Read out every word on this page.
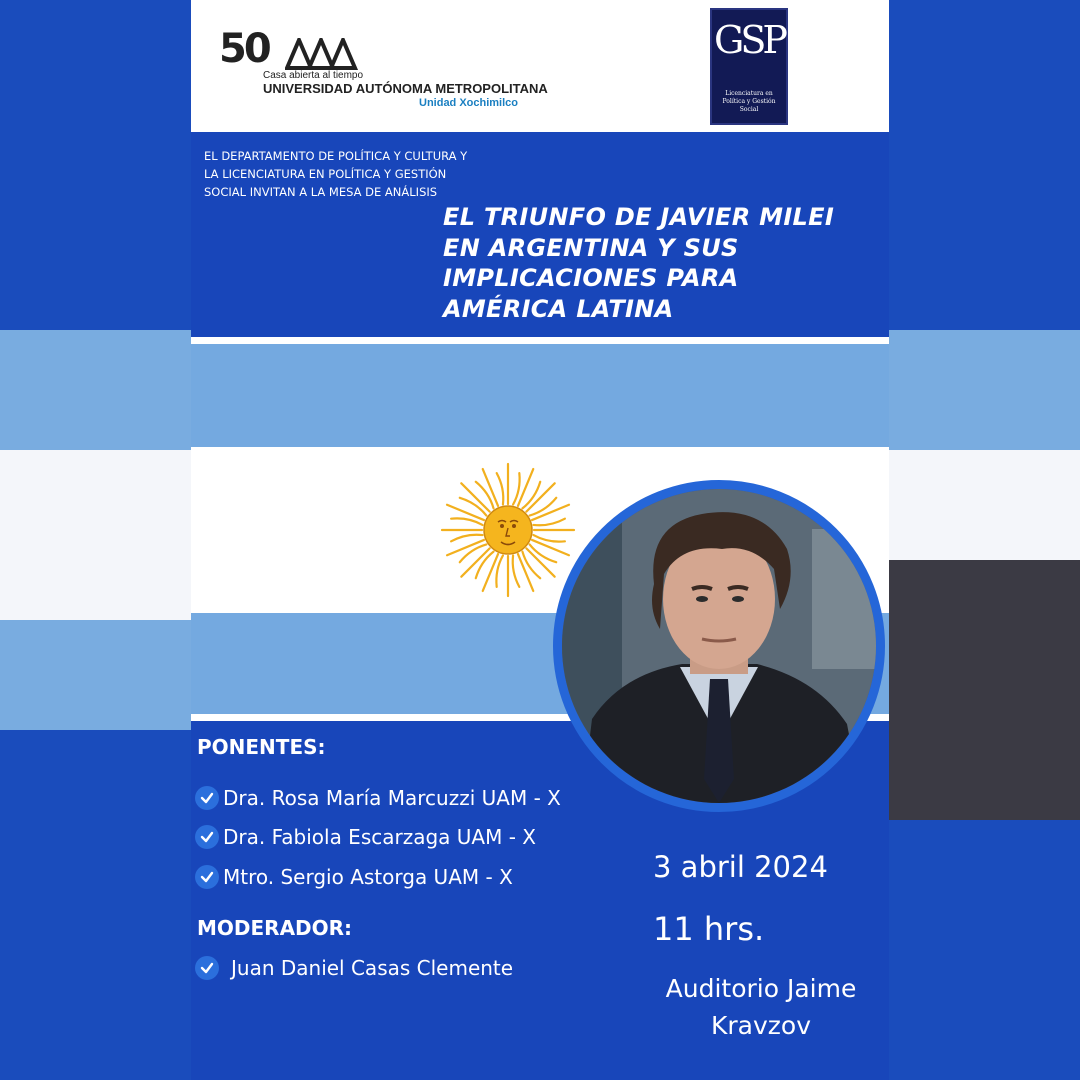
50
Casa abierta al tiempo
UNIVERSIDAD AUTÓNOMA METROPOLITANA
Unidad Xochimilco
GSP
Licenciatura en
Política y Gestión Social
EL DEPARTAMENTO DE POLÍTICA Y CULTURA Y LA LICENCIATURA EN POLÍTICA Y GESTIÓN SOCIAL INVITAN A LA MESA DE ANÁLISIS
EL TRIUNFO DE JAVIER MILEI
EN ARGENTINA Y SUS
IMPLICACIONES PARA
AMÉRICA LATINA
PONENTES:
Dra. Rosa María Marcuzzi UAM - X
Dra. Fabiola Escarzaga UAM - X
Mtro. Sergio Astorga UAM - X
MODERADOR:
Juan Daniel Casas Clemente
3 abril 2024
11 hrs.
Auditorio Jaime
Kravzov
